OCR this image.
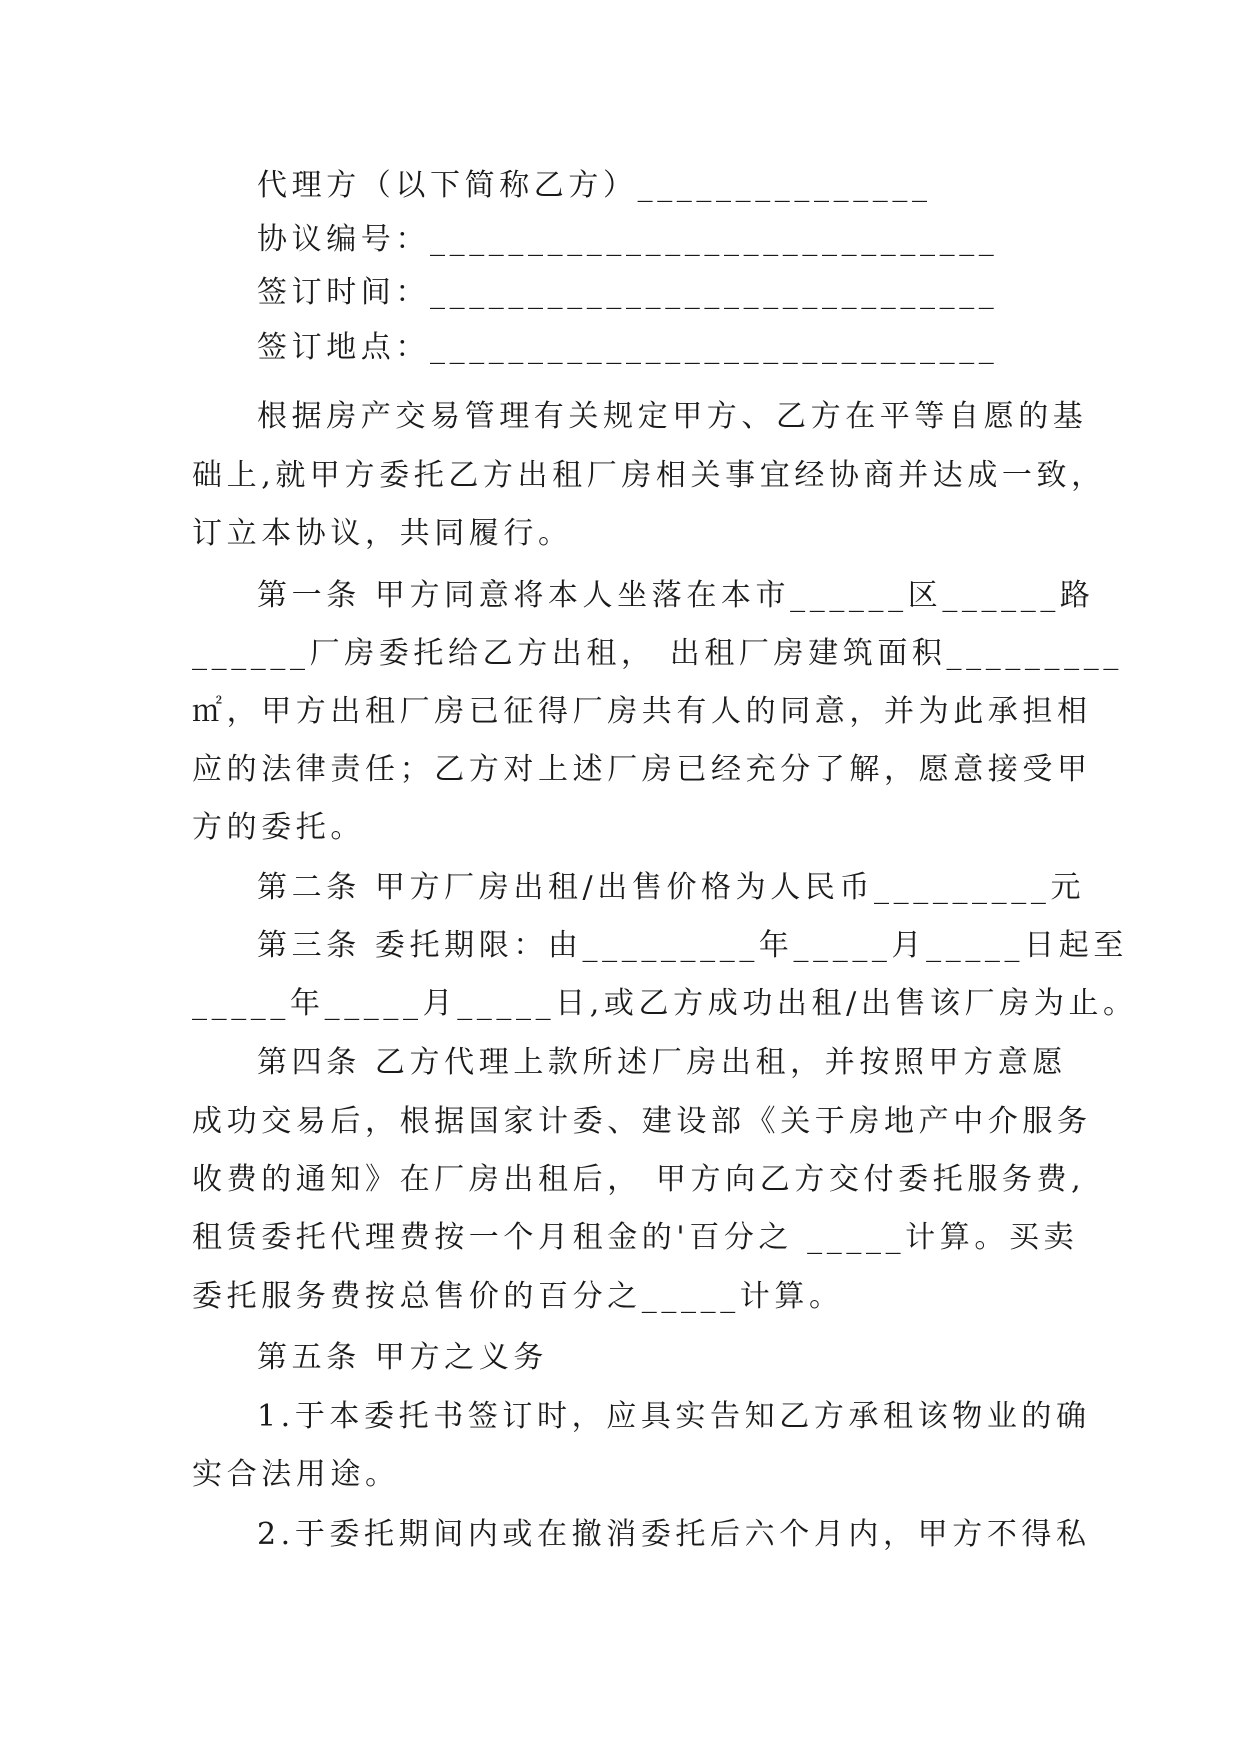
代理方（以下简称乙方）_______________
协议编号：_____________________________
签订时间：_____________________________
签订地点：_____________________________
根据房产交易管理有关规定甲方、乙方在平等自愿的基
础上,就甲方委托乙方出租厂房相关事宜经协商并达成一致，
订立本协议，共同履行。
第一条 甲方同意将本人坐落在本市______区______路
______厂房委托给乙方出租， 出租厂房建筑面积_________
㎡，甲方出租厂房已征得厂房共有人的同意，并为此承担相
应的法律责任；乙方对上述厂房已经充分了解，愿意接受甲
方的委托。
第二条 甲方厂房出租/出售价格为人民币_________元
第三条 委托期限：由_________年_____月_____日起至
_____年_____月_____日,或乙方成功出租/出售该厂房为止。
第四条 乙方代理上款所述厂房出租，并按照甲方意愿
成功交易后，根据国家计委、建设部《关于房地产中介服务
收费的通知》在厂房出租后， 甲方向乙方交付委托服务费,
租赁委托代理费按一个月租金的'百分之 _____计算。买卖
委托服务费按总售价的百分之_____计算。
第五条 甲方之义务
1.于本委托书签订时，应具实告知乙方承租该物业的确
实合法用途。
2.于委托期间内或在撤消委托后六个月内，甲方不得私
